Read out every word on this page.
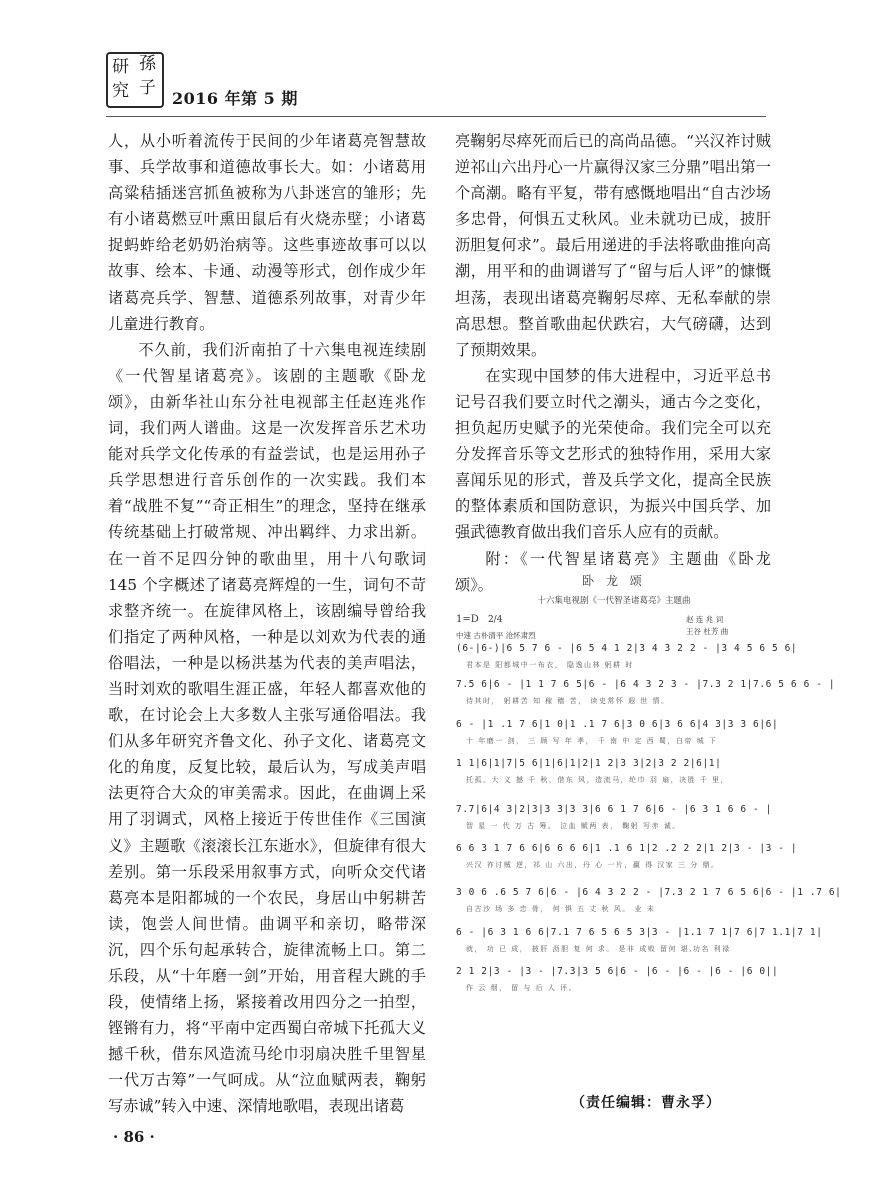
研
究
孫
子
2016 年第 5 期

人，从小听着流传于民间的少年诸葛亮智慧故事、兵学故事和道德故事长大。如：小诸葛用高粱秸插迷宫抓鱼被称为八卦迷宫的雏形；先有小诸葛燃豆叶熏田鼠后有火烧赤壁；小诸葛捉蚂蚱给老奶奶治病等。这些事迹故事可以以故事、绘本、卡通、动漫等形式，创作成少年诸葛亮兵学、智慧、道德系列故事，对青少年儿童进行教育。

不久前，我们沂南拍了十六集电视连续剧《一代智星诸葛亮》。该剧的主题歌《卧龙颂》，由新华社山东分社电视部主任赵连兆作词，我们两人谱曲。这是一次发挥音乐艺术功能对兵学文化传承的有益尝试，也是运用孙子兵学思想进行音乐创作的一次实践。我们本着“战胜不复”“奇正相生”的理念，坚持在继承传统基础上打破常规、冲出羁绊、力求出新。在一首不足四分钟的歌曲里，用十八句歌词 145 个字概述了诸葛亮辉煌的一生，词句不苛求整齐统一。在旋律风格上，该剧编导曾给我们指定了两种风格，一种是以刘欢为代表的通俗唱法，一种是以杨洪基为代表的美声唱法，当时刘欢的歌唱生涯正盛，年轻人都喜欢他的歌，在讨论会上大多数人主张写通俗唱法。我们从多年研究齐鲁文化、孙子文化、诸葛亮文化的角度，反复比较，最后认为，写成美声唱法更符合大众的审美需求。因此，在曲调上采用了羽调式，风格上接近于传世佳作《三国演义》主题歌《滚滚长江东逝水》，但旋律有很大差别。第一乐段采用叙事方式，向听众交代诸葛亮本是阳都城的一个农民，身居山中躬耕苦读，饱尝人间世情。曲调平和亲切，略带深沉，四个乐句起承转合，旋律流畅上口。第二乐段，从“十年磨一剑”开始，用音程大跳的手段，使情绪上扬，紧接着改用四分之一拍型，铿锵有力，将“平南中定西蜀白帝城下托孤大义撼千秋，借东风造流马纶巾羽扇决胜千里智星一代万古筹”一气呵成。从“泣血赋两表，鞠躬写赤诚”转入中速、深情地歌唱，表现出诸葛

亮鞠躬尽瘁死而后已的高尚品德。“兴汉祚讨贼逆祁山六出丹心一片赢得汉家三分鼎”唱出第一个高潮。略有平复，带有感慨地唱出“自古沙场多忠骨，何惧五丈秋风。业未就功已成，披肝沥胆复何求”。最后用递进的手法将歌曲推向高潮，用平和的曲调谱写了“留与后人评”的慷慨坦荡，表现出诸葛亮鞠躬尽瘁、无私奉献的崇高思想。整首歌曲起伏跌宕，大气磅礴，达到了预期效果。

在实现中国梦的伟大进程中，习近平总书记号召我们要立时代之潮头，通古今之变化，担负起历史赋予的光荣使命。我们完全可以充分发挥音乐等文艺形式的独特作用，采用大家喜闻乐见的形式，普及兵学文化，提高全民族的整体素质和国防意识，为振兴中国兵学、加强武德教育做出我们音乐人应有的贡献。

附：《一代智星诸葛亮》主题曲《卧龙颂》。	卧 龙 颂
十六集电视剧《一代智圣诸葛亮》主题曲
1=D 2/4
中速 古朴清平 沧怀肃烈
赵 连 兆 词
王谷 杜芳 曲
(6-|6-)|6 5 7 6 - |6 5 4 1 2|3 4 3 2 2 - |3 4 5 6 5 6|
君本是 阳都城中一布衣， 隐逸山林 躬耕 时
7.5 6|6 - |1 1 7 6 5|6 - |6 4 3 2 3 - |7.3 2 1|7.6 5 6 6 - |
待其时， 躬耕苦 知 稼 穑 苦， 读史常怀 遐 世 情。
6 - |1 .1 7 6|1 0|1 .1 7 6|3 0 6|3 6 6|4 3|3 3 6|6|
十 年磨一 剑， 三 顾 写 年 孝， 千 南 中 定 西 蜀，白帝 城 下
1 1|6|1|7|5 6|1|6|1|2|1 2|3 3|2|3 2 2|6|1|
托孤。大 义 撼 千 秋，借东 风，造流马，纶巾 羽 扇，决胜 千 里，
7.7|6|4 3|2|3|3 3|3 3|6 6 1 7 6|6 - |6 3 1 6 6 - |
智 星 一 代 万 古 筹。 泣血 赋两 表， 鞠躬 写赤 诚。
6 6 3 1 7 6 6|6 6 6 6|1 .1 6 1|2 .2 2 2|1 2|3 - |3 - |
兴汉 祚讨贼 逆，祁 山 六出，丹 心 一片，赢 得 汉家 三 分 鼎。
3 0 6 .6 5 7 6|6 - |6 4 3 2 2 - |7.3 2 1 7 6 5 6|6 - |1 .7 6|
自古沙 场 多 忠 骨， 何 惧 五 丈 秋 风。 业 未
6 - |6 3 1 6 6|7.1 7 6 5 6 5 3|3 - |1.1 7 1|7 6|7 1.1|7 1|
就， 功 已 成， 披肝 沥胆 复 何 求。 是非 成败 留何 堪,功名 利禄
2 1 2|3 - |3 - |7.3|3 5 6|6 - |6 - |6 - |6 - |6 0||
作 云 烟， 留 与 后 人 评。
（责任编辑：曹永孚）
· 86 ·
